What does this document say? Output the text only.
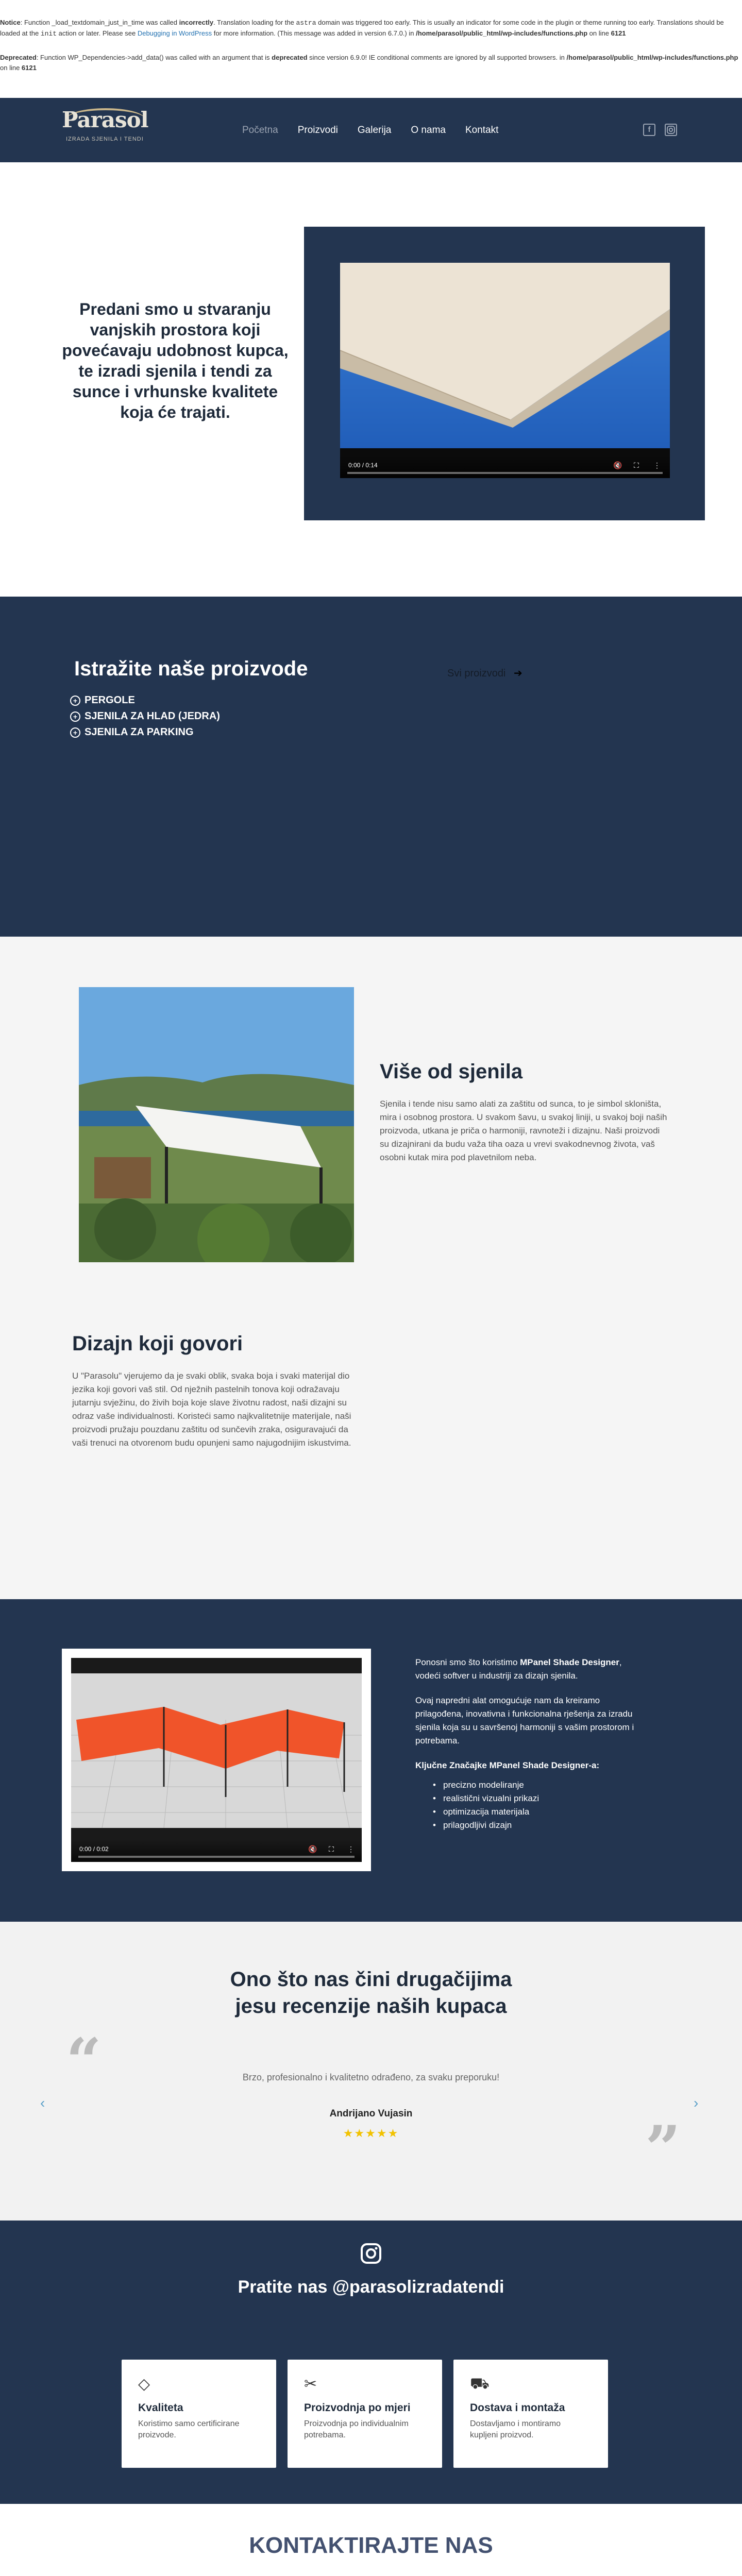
Notice: Function _load_textdomain_just_in_time was called incorrectly. Translation loading for the astra domain was triggered too early. This is usually an indicator for some code in the plugin or theme running too early. Translations should be loaded at the init action or later. Please see Debugging in WordPress for more information. (This message was added in version 6.7.0.) in /home/parasol/public_html/wp-includes/functions.php on line 6121

Deprecated: Function WP_Dependencies->add_data() was called with an argument that is deprecated since version 6.9.0! IE conditional comments are ignored by all supported browsers. in /home/parasol/public_html/wp-includes/functions.php on line 6121

Parasol
IZRADA SJENILA I TENDI
Početna Proizvodi Galerija O nama Kontakt	f
Predani smo u stvaranju vanjskih prostora koji povećavaju udobnost kupca, te izradi sjenila i tendi za sunce i vrhunske kvalitete koja će trajati.
0:00 / 0:14	🔇 ⛶ ⋮
Istražite naše proizvode
+ PERGOLE
+ SJENILA ZA HLAD (JEDRA)
+ SJENILA ZA PARKING
Svi proizvodi ➔
Više od sjenila
Sjenila i tende nisu samo alati za zaštitu od sunca, to je simbol skloništa, mira i osobnog prostora. U svakom šavu, u svakoj liniji, u svakoj boji naših proizvoda, utkana je priča o harmoniji, ravnoteži i dizajnu. Naši proizvodi su dizajnirani da budu važa tiha oaza u vrevi svakodnevnog života, vaš osobni kutak mira pod plavetnilom neba.
Dizajn koji govori
U "Parasolu" vjerujemo da je svaki oblik, svaka boja i svaki materijal dio jezika koji govori vaš stil. Od nježnih pastelnih tonova koji odražavaju jutarnju svježinu, do živih boja koje slave životnu radost, naši dizajni su odraz vaše individualnosti. Koristeći samo najkvalitetnije materijale, naši proizvodi pružaju pouzdanu zaštitu od sunčevih zraka, osiguravajući da vaši trenuci na otvorenom budu opunjeni samo najugodnijim iskustvima.
0:00 / 0:02	🔇 ⛶ ⋮

Ponosni smo što koristimo MPanel Shade Designer, vodeći softver u industriji za dizajn sjenila.

Ovaj napredni alat omogućuje nam da kreiramo prilagođena, inovativna i funkcionalna rješenja za izradu sjenila koja su u savršenoj harmoniji s vašim prostorom i potrebama.

Ključne Značajke MPanel Shade Designer-a:

• precizno modeliranje
• realistični vizualni prikazi
• optimizacija materijala
• prilagodljivi dizajn
Ono što nas čini drugačijima
jesu recenzije naših kupaca
“
”
Brzo, profesionalno i kvalitetno odrađeno, za svaku preporuku!
Andrijano Vujasin
★★★★★
‹	›
Pratite nas @parasolizradatendi
◇
Kvaliteta
Koristimo samo certificirane proizvode.
✂
Proizvodnja po mjeri
Proizvodnja po individualnim potrebama.
⛟
Dostava i montaža
Dostavljamo i montiramo kupljeni proizvod.
KONTAKTIRAJTE NAS
